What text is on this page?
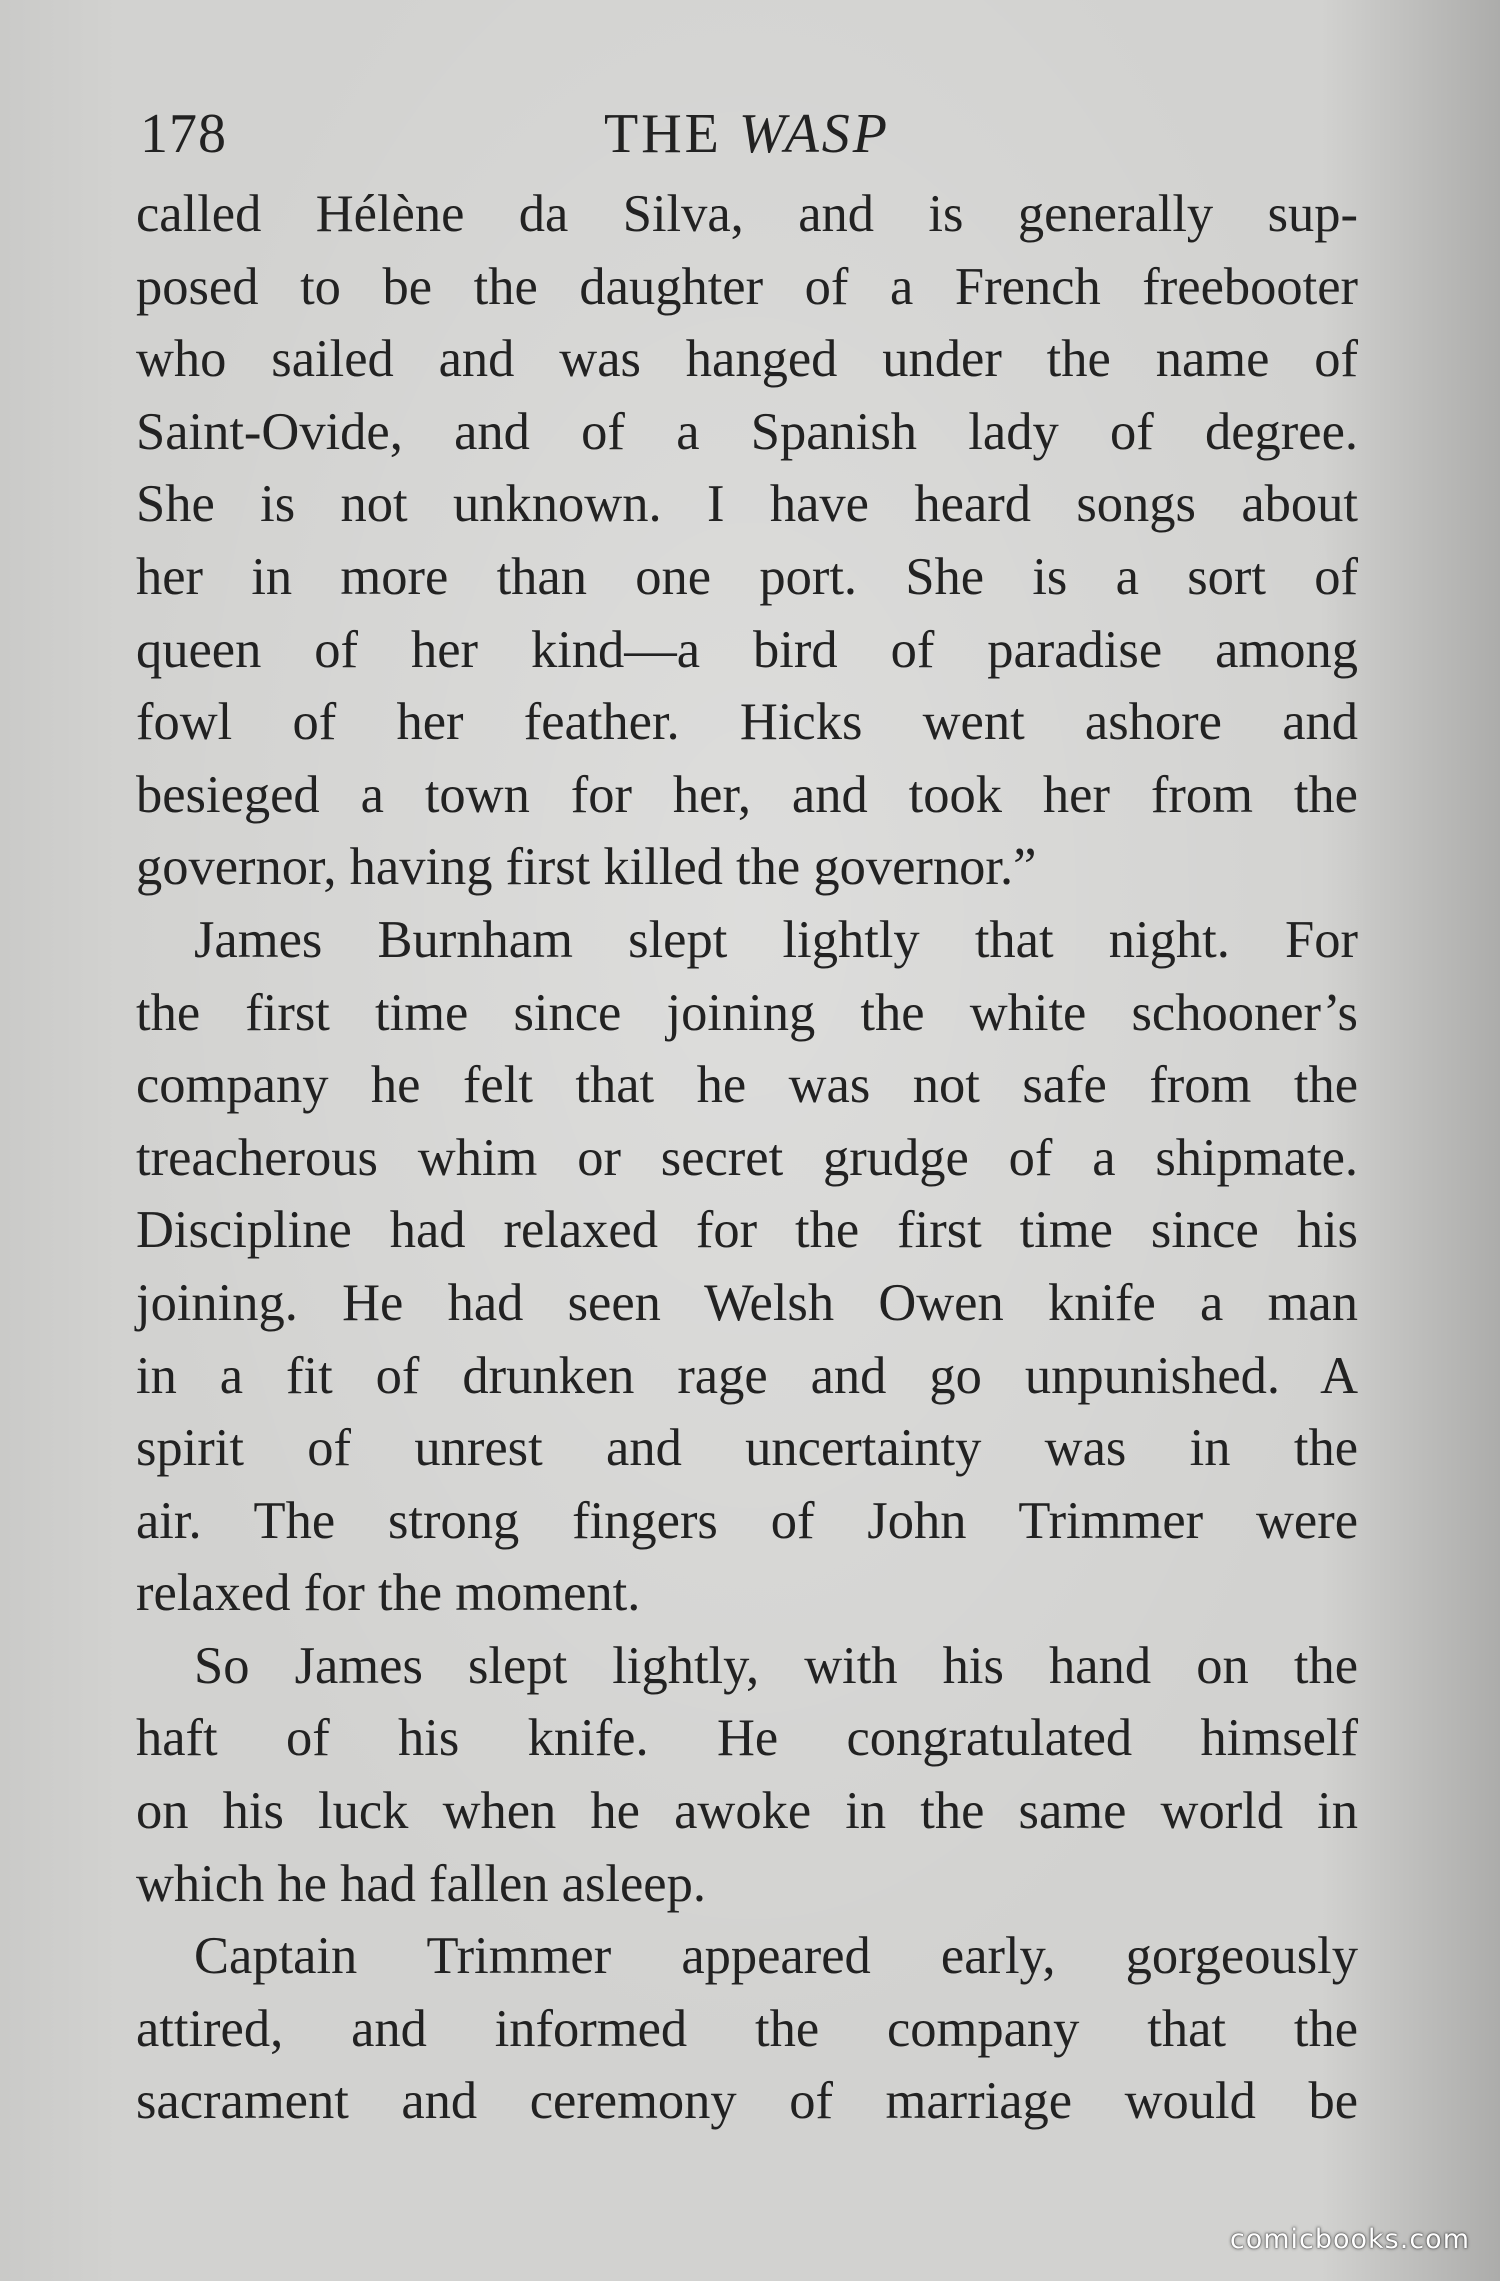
178	THE WASP
called Hélène da Silva, and is generally sup-
posed to be the daughter of a French freebooter
who sailed and was hanged under the name of
Saint-Ovide, and of a Spanish lady of degree.
She is not unknown. I have heard songs about
her in more than one port. She is a sort of
queen of her kind—a bird of paradise among
fowl of her feather. Hicks went ashore and
besieged a town for her, and took her from the
governor, having first killed the governor.”
James Burnham slept lightly that night. For
the first time since joining the white schooner’s
company he felt that he was not safe from the
treacherous whim or secret grudge of a shipmate.
Discipline had relaxed for the first time since his
joining. He had seen Welsh Owen knife a man
in a fit of drunken rage and go unpunished. A
spirit of unrest and uncertainty was in the
air. The strong fingers of John Trimmer were
relaxed for the moment.
So James slept lightly, with his hand on the
haft of his knife. He congratulated himself
on his luck when he awoke in the same world in
which he had fallen asleep.
Captain Trimmer appeared early, gorgeously
attired, and informed the company that the
sacrament and ceremony of marriage would be
comicbooks.com
